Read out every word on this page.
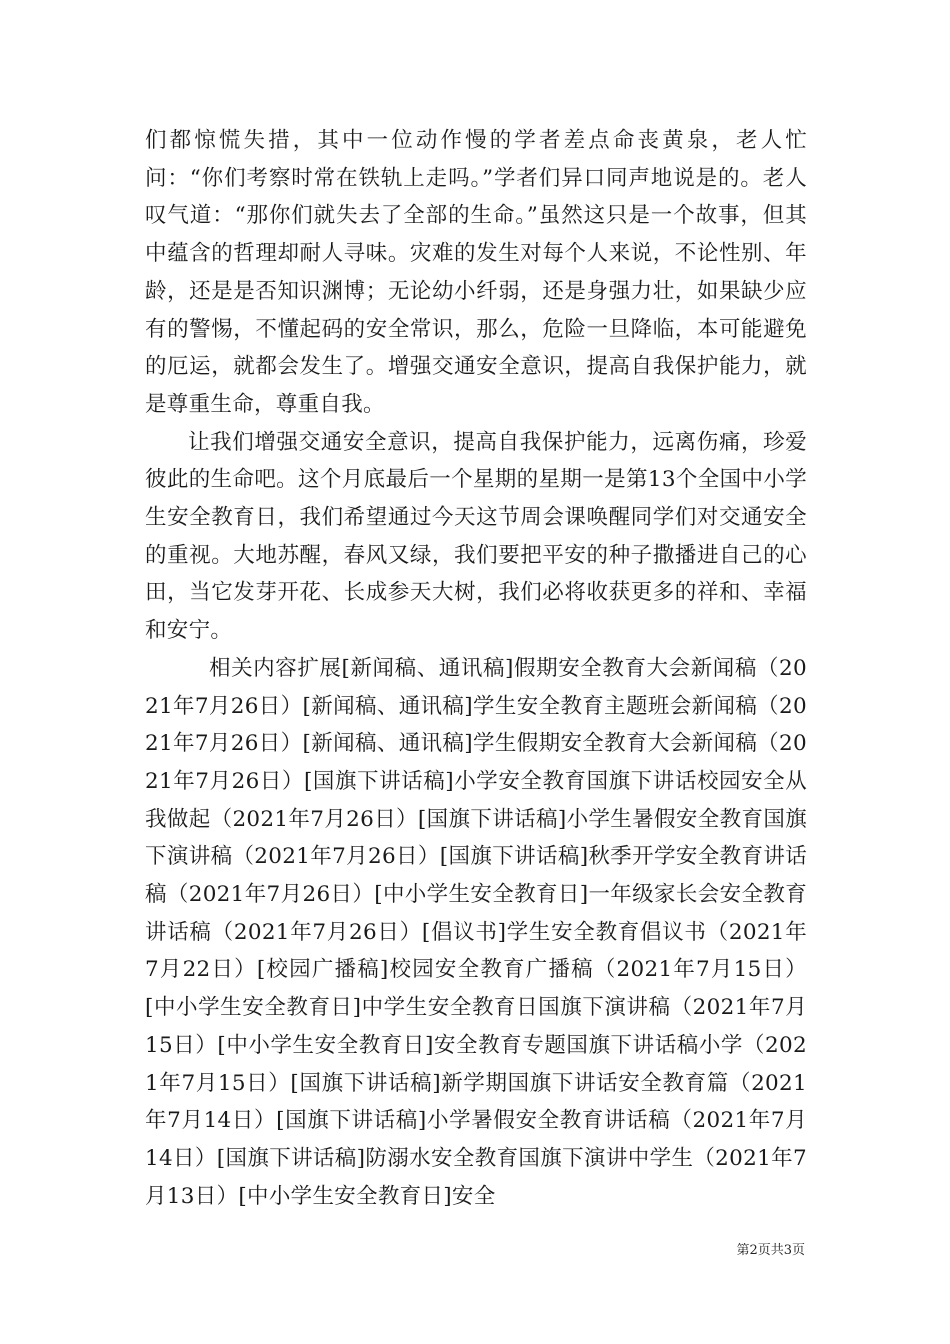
们都惊慌失措，其中一位动作慢的学者差点命丧黄泉，老人忙问：“你们考察时常在铁轨上走吗。”学者们异口同声地说是的。老人叹气道：“那你们就失去了全部的生命。”虽然这只是一个故事，但其中蕴含的哲理却耐人寻味。灾难的发生对每个人来说，不论性别、年龄，还是是否知识渊博；无论幼小纤弱，还是身强力壮，如果缺少应有的警惕，不懂起码的安全常识，那么，危险一旦降临，本可能避免的厄运，就都会发生了。增强交通安全意识，提高自我保护能力，就是尊重生命，尊重自我。

让我们增强交通安全意识，提高自我保护能力，远离伤痛，珍爱彼此的生命吧。这个月底最后一个星期的星期一是第13个全国中小学生安全教育日，我们希望通过今天这节周会课唤醒同学们对交通安全的重视。大地苏醒，春风又绿，我们要把平安的种子撒播进自己的心田，当它发芽开花、长成参天大树，我们必将收获更多的祥和、幸福和安宁。

相关内容扩展[新闻稿、通讯稿]假期安全教育大会新闻稿（2021年7月26日）[新闻稿、通讯稿]学生安全教育主题班会新闻稿（2021年7月26日）[新闻稿、通讯稿]学生假期安全教育大会新闻稿（2021年7月26日）[国旗下讲话稿]小学安全教育国旗下讲话校园安全从我做起（2021年7月26日）[国旗下讲话稿]小学生暑假安全教育国旗下演讲稿（2021年7月26日）[国旗下讲话稿]秋季开学安全教育讲话稿（2021年7月26日）[中小学生安全教育日]一年级家长会安全教育讲话稿（2021年7月26日）[倡议书]学生安全教育倡议书（2021年7月22日）[校园广播稿]校园安全教育广播稿（2021年7月15日）[中小学生安全教育日]中学生安全教育日国旗下演讲稿（2021年7月15日）[中小学生安全教育日]安全教育专题国旗下讲话稿小学（2021年7月15日）[国旗下讲话稿]新学期国旗下讲话安全教育篇（2021年7月14日）[国旗下讲话稿]小学暑假安全教育讲话稿（2021年7月14日）[国旗下讲话稿]防溺水安全教育国旗下演讲中学生（2021年7月13日）[中小学生安全教育日]安全

第2页共3页
